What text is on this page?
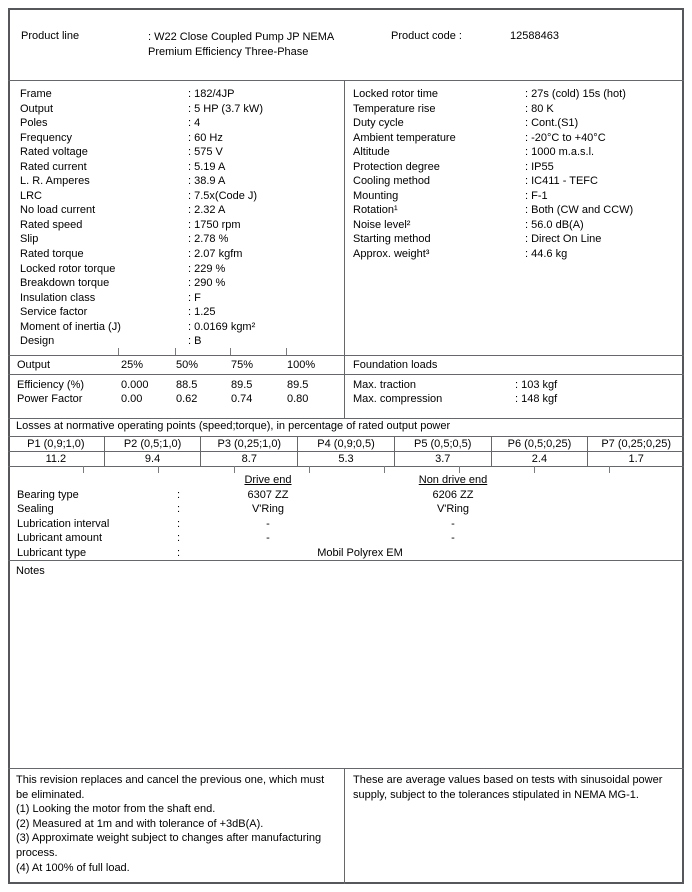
Product line	: W22 Close Coupled Pump JP NEMA Premium Efficiency Three-Phase
Product code :	12588463
Frame	: 182/4JP
Output	: 5 HP (3.7 kW)
Poles	: 4
Frequency	: 60 Hz
Rated voltage	: 575 V
Rated current	: 5.19 A
L. R. Amperes	: 38.9 A
LRC	: 7.5x(Code J)
No load current	: 2.32 A
Rated speed	: 1750 rpm
Slip	: 2.78 %
Rated torque	: 2.07 kgfm
Locked rotor torque	: 229 %
Breakdown torque	: 290 %
Insulation class	: F
Service factor	: 1.25
Moment of inertia (J)	: 0.0169 kgm²
Design	: B
Locked rotor time	: 27s (cold) 15s (hot)
Temperature rise	: 80 K
Duty cycle	: Cont.(S1)
Ambient temperature	: -20°C to +40°C
Altitude	: 1000 m.a.s.l.
Protection degree	: IP55
Cooling method	: IC411 - TEFC
Mounting	: F-1
Rotation¹	: Both (CW and CCW)
Noise level²	: 56.0 dB(A)
Starting method	: Direct On Line
Approx. weight³	: 44.6 kg
Output	25%	50%	75%	100%
Efficiency (%)	0.000 88.5	89.5	89.5
Power Factor	0.00	0.62	0.74	0.80
Foundation loads
Max. traction	: 103 kgf
Max. compression	: 148 kgf
Losses at normative operating points (speed;torque), in percentage of rated output power
P1 (0,9;1,0)	P2 (0,5;1,0)	P3 (0,25;1,0)	P4 (0,9;0,5)	P5 (0,5;0,5)	P6 (0,5;0,25)	P7 (0,25;0,25)
11.2	9.4	8.7	5.3	3.7	2.4	1.7
Drive end	Non drive end
Bearing type	:	6307 ZZ	6206 ZZ
Sealing	:	V'Ring	V'Ring
Lubrication interval	:	-	-
Lubricant amount	:	-	-
Lubricant type	:	Mobil Polyrex EM
Notes
This revision replaces and cancel the previous one, which must be eliminated.
(1) Looking the motor from the shaft end.
(2) Measured at 1m and with tolerance of +3dB(A).
(3) Approximate weight subject to changes after manufacturing process.
(4) At 100% of full load.
These are average values based on tests with sinusoidal power supply, subject to the tolerances stipulated in NEMA MG-1.
